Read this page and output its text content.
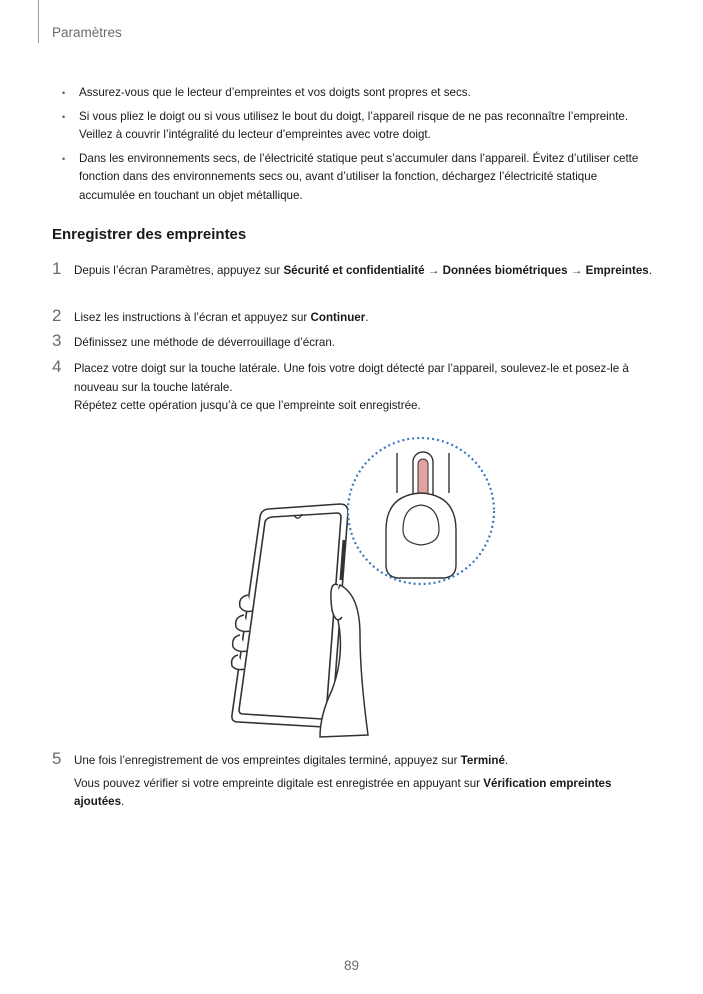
Paramètres
• Assurez-vous que le lecteur d’empreintes et vos doigts sont propres et secs.
• Si vous pliez le doigt ou si vous utilisez le bout du doigt, l’appareil risque de ne pas reconnaître l’empreinte. Veillez à couvrir l’intégralité du lecteur d’empreintes avec votre doigt.
• Dans les environnements secs, de l’électricité statique peut s’accumuler dans l’appareil. Évitez d’utiliser cette fonction dans des environnements secs ou, avant d’utiliser la fonction, déchargez l’électricité statique accumulée en touchant un objet métallique.
Enregistrer des empreintes
1 Depuis l’écran Paramètres, appuyez sur Sécurité et confidentialité → Données biométriques → Empreintes.
2 Lisez les instructions à l’écran et appuyez sur Continuer.
3 Définissez une méthode de déverrouillage d’écran.
4 Placez votre doigt sur la touche latérale. Une fois votre doigt détecté par l’appareil, soulevez-le et posez-le à nouveau sur la touche latérale.
Répétez cette opération jusqu’à ce que l’empreinte soit enregistrée.
5 Une fois l’enregistrement de vos empreintes digitales terminé, appuyez sur Terminé.
Vous pouvez vérifier si votre empreinte digitale est enregistrée en appuyant sur Vérification empreintes ajoutées.
89
